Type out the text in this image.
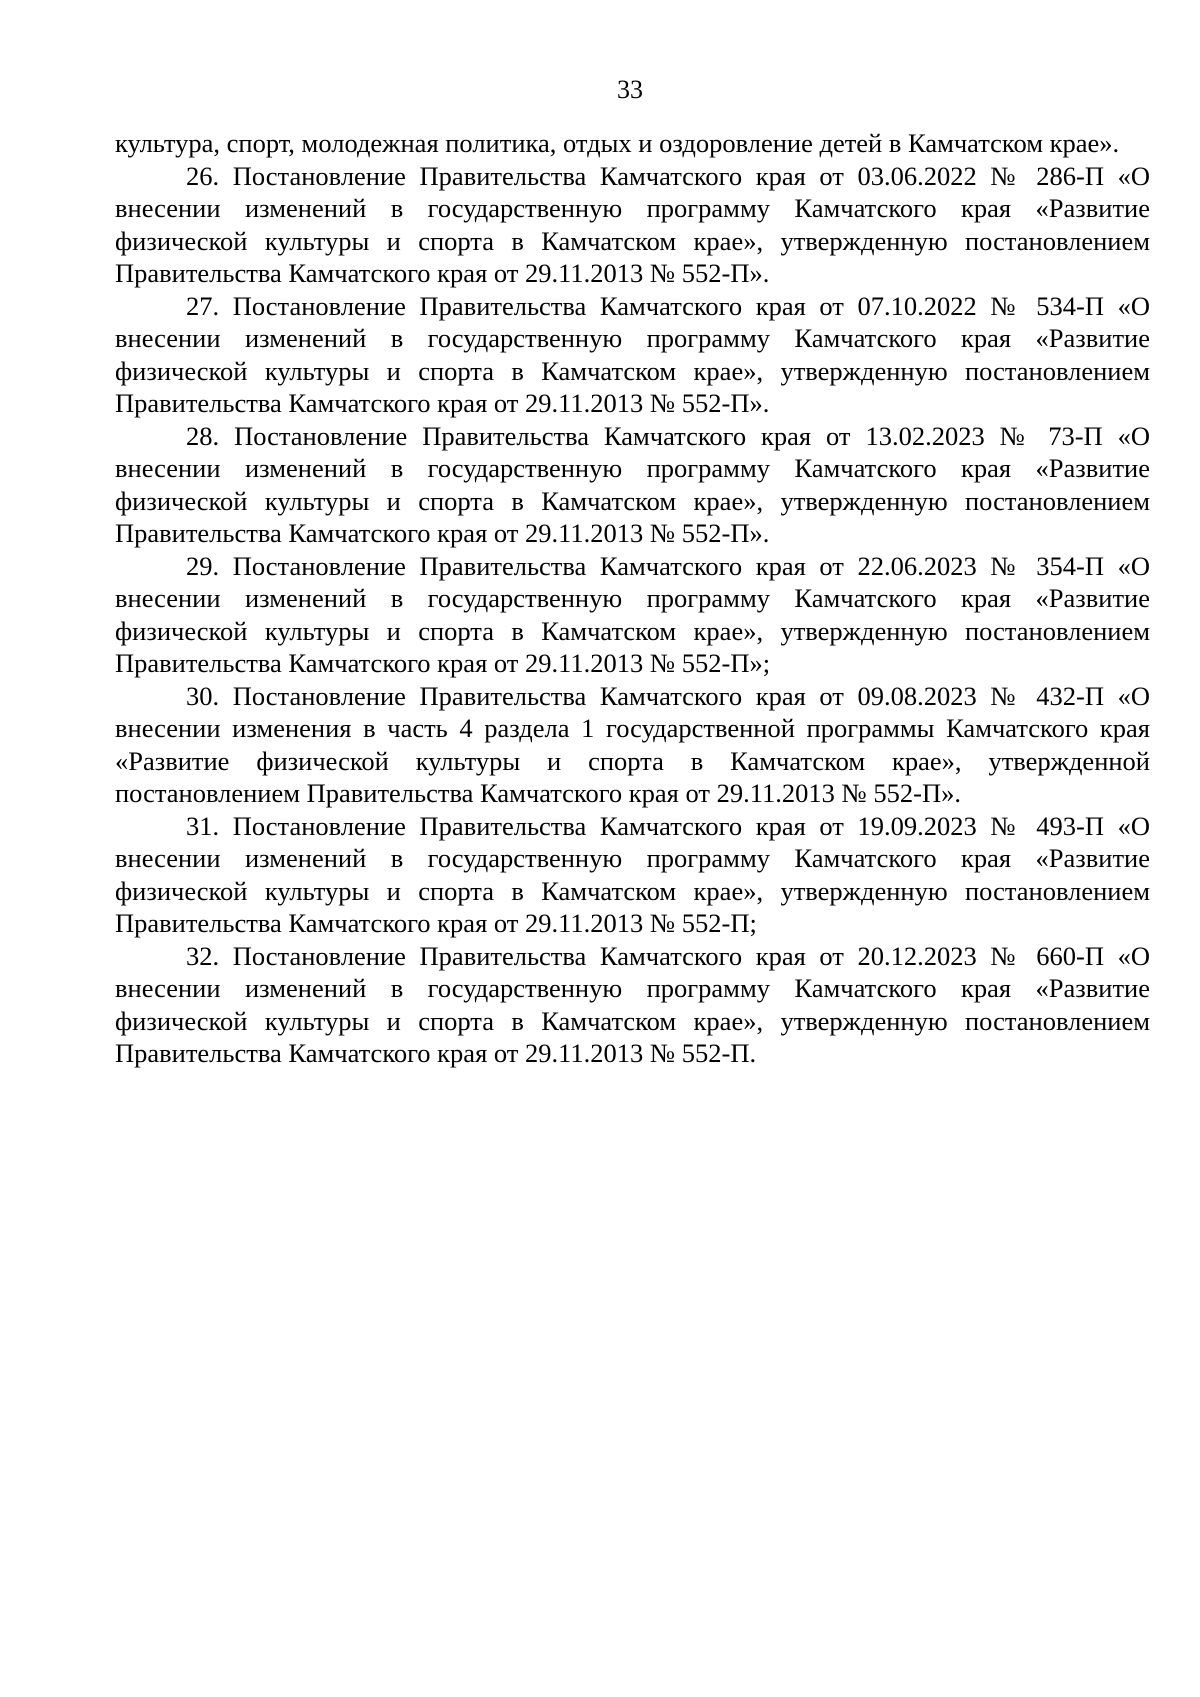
33

культура, спорт, молодежная политика, отдых и оздоровление детей в Камчатском крае».

26. Постановление Правительства Камчатского края от 03.06.2022 № 286-П «О внесении изменений в государственную программу Камчатского края «Развитие физической культуры и спорта в Камчатском крае», утвержденную постановлением Правительства Камчатского края от 29.11.2013 № 552-П».

27. Постановление Правительства Камчатского края от 07.10.2022 № 534-П «О внесении изменений в государственную программу Камчатского края «Развитие физической культуры и спорта в Камчатском крае», утвержденную постановлением Правительства Камчатского края от 29.11.2013 № 552-П».

28. Постановление Правительства Камчатского края от 13.02.2023 № 73-П «О внесении изменений в государственную программу Камчатского края «Развитие физической культуры и спорта в Камчатском крае», утвержденную постановлением Правительства Камчатского края от 29.11.2013 № 552-П».

29. Постановление Правительства Камчатского края от 22.06.2023 № 354-П «О внесении изменений в государственную программу Камчатского края «Развитие физической культуры и спорта в Камчатском крае», утвержденную постановлением Правительства Камчатского края от 29.11.2013 № 552-П»;

30. Постановление Правительства Камчатского края от 09.08.2023 № 432-П «О внесении изменения в часть 4 раздела 1 государственной программы Камчатского края «Развитие физической культуры и спорта в Камчатском крае», утвержденной постановлением Правительства Камчатского края от 29.11.2013 № 552-П».

31. Постановление Правительства Камчатского края от 19.09.2023 № 493-П «О внесении изменений в государственную программу Камчатского края «Развитие физической культуры и спорта в Камчатском крае», утвержденную постановлением Правительства Камчатского края от 29.11.2013 № 552-П;

32. Постановление Правительства Камчатского края от 20.12.2023 № 660-П «О внесении изменений в государственную программу Камчатского края «Развитие физической культуры и спорта в Камчатском крае», утвержденную постановлением Правительства Камчатского края от 29.11.2013 № 552-П.
